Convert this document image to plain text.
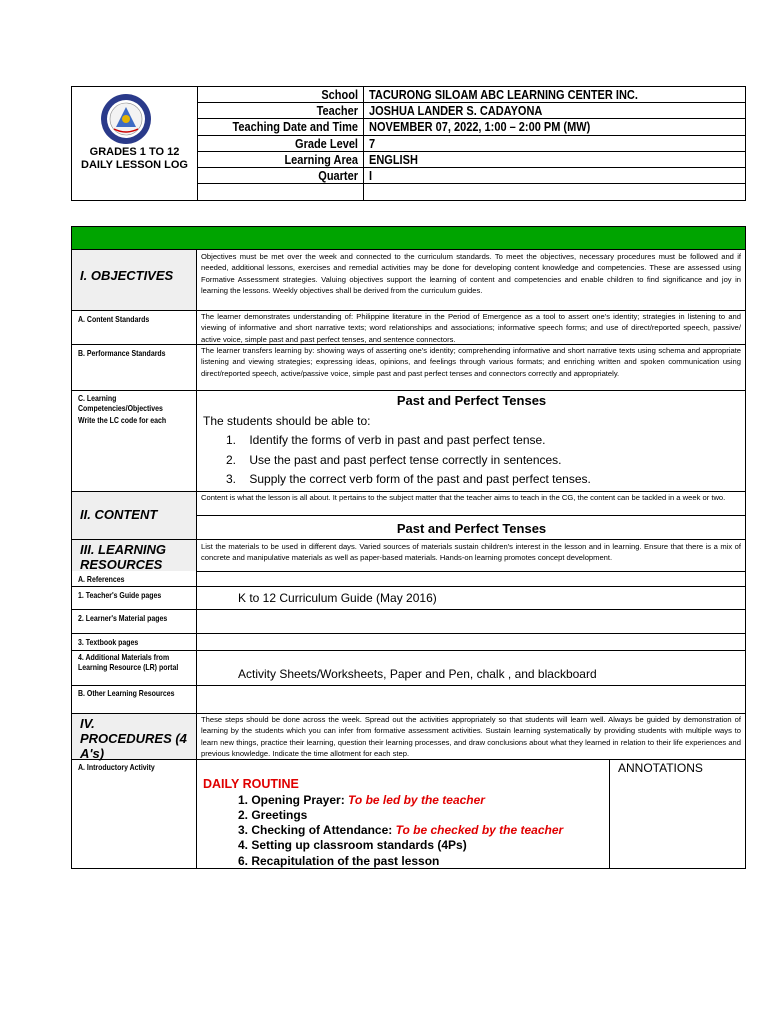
GRADES 1 TO 12
DAILY LESSON LOG
School TACURONG SILOAM ABC LEARNING CENTER INC.
Teacher JOSHUA LANDER S. CADAYONA
Teaching Date and Time NOVEMBER 07, 2022, 1:00 – 2:00 PM (MW)
Grade Level 7
Learning Area ENGLISH
Quarter I
I. OBJECTIVES
Objectives must be met over the week and connected to the curriculum standards. To meet the objectives, necessary procedures must be followed and if needed, additional lessons, exercises and remedial activities may be done for developing content knowledge and competencies. These are assessed using Formative Assessment strategies. Valuing objectives support the learning of content and competencies and enable children to find significance and joy in learning the lessons. Weekly objectives shall be derived from the curriculum guides.
A. Content Standards	The learner demonstrates understanding of: Philippine literature in the Period of Emergence as a tool to assert one's identity; strategies in listening to and viewing of informative and short narrative texts; word relationships and associations; informative speech forms; and use of direct/reported speech, passive/ active voice, simple past and past perfect tenses, and sentence connectors.
B. Performance Standards	The learner transfers learning by: showing ways of asserting one's identity; comprehending informative and short narrative texts using schema and appropriate listening and viewing strategies; expressing ideas, opinions, and feelings through various formats; and enriching written and spoken communication using direct/reported speech, active/passive voice, simple past and past perfect tenses and connectors correctly and appropriately.
C. Learning Competencies/Objectives
Write the LC code for each
Past and Perfect Tenses
The students should be able to:
1.    Identify the forms of verb in past and past perfect tense.
2.    Use the past and past perfect tense correctly in sentences.
3.    Supply the correct verb form of the past and past perfect tenses.
II. CONTENT
Content is what the lesson is all about. It pertains to the subject matter that the teacher aims to teach in the CG, the content can be tackled in a week or two.
Past and Perfect Tenses
III. LEARNING RESOURCES
List the materials to be used in different days. Varied sources of materials sustain children's interest in the lesson and in learning. Ensure that there is a mix of concrete and manipulative materials as well as paper-based materials. Hands-on learning promotes concept development.
A. References
1. Teacher's Guide pages	K to 12 Curriculum Guide (May 2016)
2. Learner's Material pages
3. Textbook pages
4. Additional Materials from Learning Resource (LR) portal	Activity Sheets/Worksheets, Paper and Pen, chalk , and blackboard
B. Other Learning Resources
IV. PROCEDURES (4 A's)
These steps should be done across the week. Spread out the activities appropriately so that students will learn well. Always be guided by demonstration of learning by the students which you can infer from formative assessment activities. Sustain learning systematically by providing students with multiple ways to learn new things, practice their learning, question their learning processes, and draw conclusions about what they learned in relation to their life experiences and previous knowledge. Indicate the time allotment for each step.
A. Introductory Activity	ANNOTATIONS
DAILY ROUTINE
1. Opening Prayer: To be led by the teacher
2. Greetings
3. Checking of Attendance: To be checked by the teacher
4. Setting up classroom standards (4Ps)
6. Recapitulation of the past lesson
